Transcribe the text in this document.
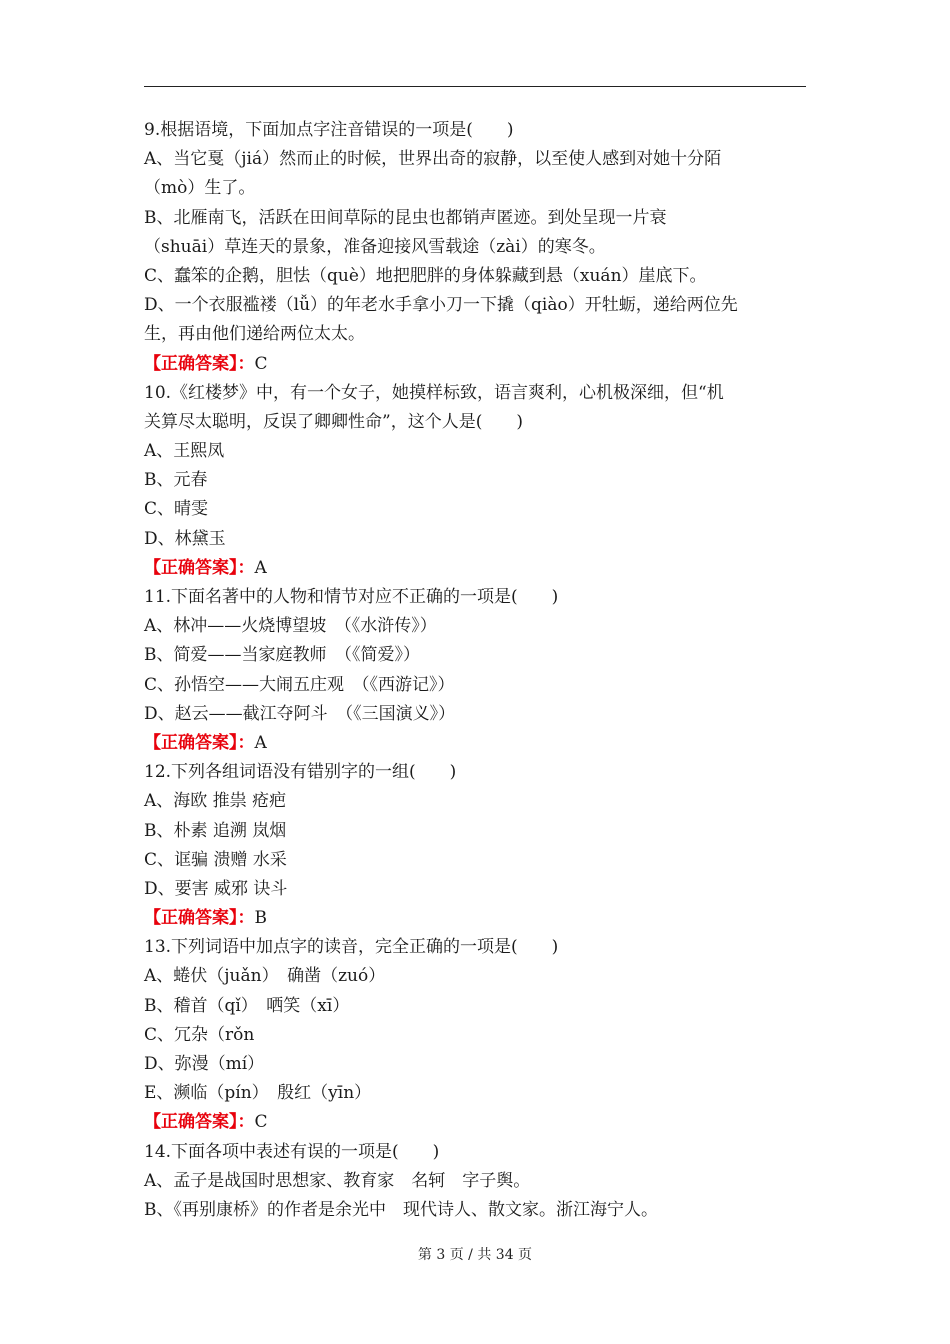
9.根据语境，下面加点字注音错误的一项是(　　)
A、当它戛（jiá）然而止的时候，世界出奇的寂静，以至使人感到对她十分陌
（mò）生了。
B、北雁南飞，活跃在田间草际的昆虫也都销声匿迹。到处呈现一片衰
（shuāi）草连天的景象，准备迎接风雪载途（zài）的寒冬。
C、蠢笨的企鹅，胆怯（què）地把肥胖的身体躲藏到悬（xuán）崖底下。
D、一个衣服褴褛（lǚ）的年老水手拿小刀一下撬（qiào）开牡蛎，递给两位先
生，再由他们递给两位太太。
【正确答案】：C
10.《红楼梦》中，有一个女子，她摸样标致，语言爽利，心机极深细，但“机
关算尽太聪明，反误了卿卿性命”，这个人是(　　)
A、王熙凤
B、元春
C、晴雯
D、林黛玉
【正确答案】：A
11.下面名著中的人物和情节对应不正确的一项是(　　)
A、林冲——火烧博望坡　（《水浒传》）
B、简爱——当家庭教师　（《简爱》）
C、孙悟空——大闹五庄观　（《西游记》）
D、赵云——截江夺阿斗　（《三国演义》）
【正确答案】：A
12.下列各组词语没有错别字的一组(　　)
A、海欧 推祟 疮疤
B、朴素 追溯 岚烟
C、诓骗 溃赠 水采
D、要害 威邪 诀斗
【正确答案】：B
13.下列词语中加点字的读音，完全正确的一项是(　　)
A、蜷伏（juǎn）　确凿（zuó）
B、稽首（qǐ）　哂笑（xī）
C、冗杂（rǒn
D、弥漫（mí）
E、濒临（pín）　殷红（yīn）
【正确答案】：C
14.下面各项中表述有误的一项是(　　)
A、孟子是战国时思想家、教育家　名轲　字子舆。
B、《再别康桥》的作者是余光中　现代诗人、散文家。浙江海宁人。
第 3 页 / 共 34 页
